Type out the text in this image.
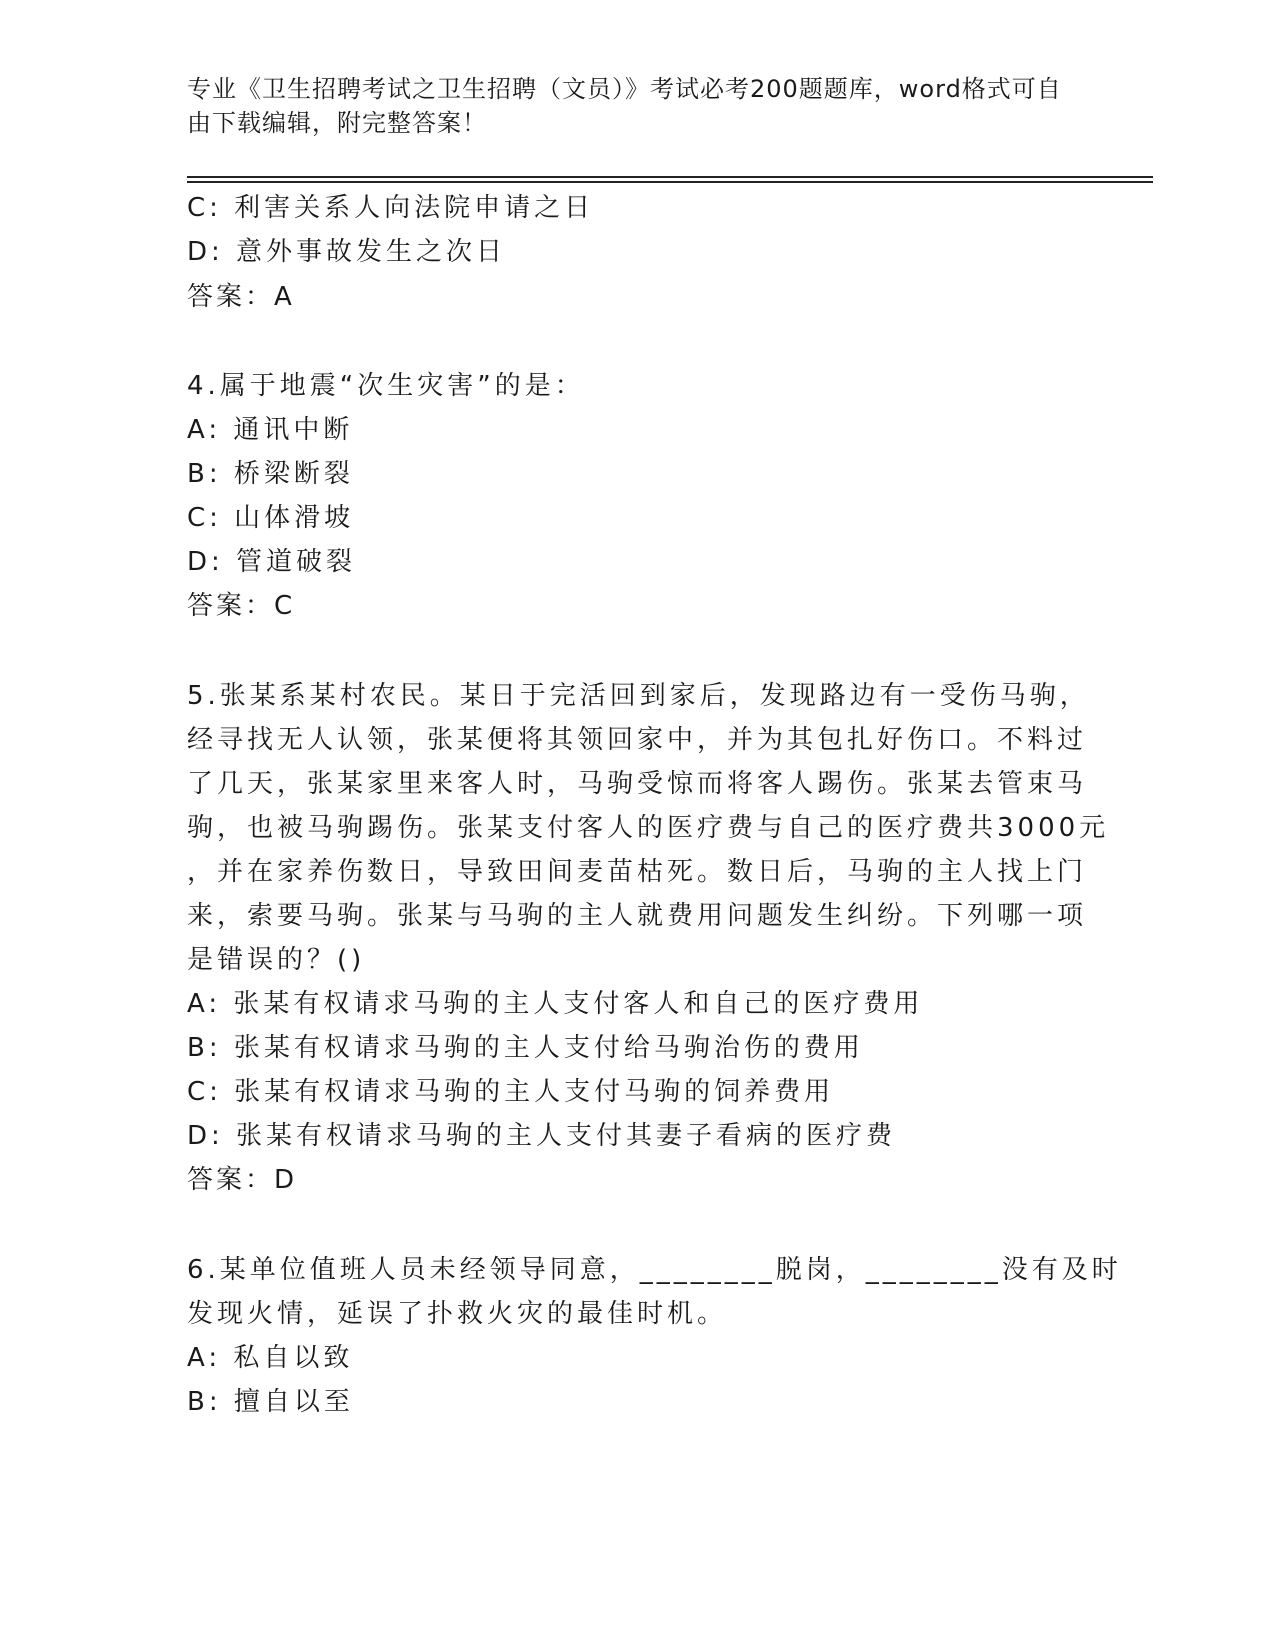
专业《卫生招聘考试之卫生招聘（文员）》考试必考200题题库，word格式可自
由下载编辑，附完整答案！
C: 利害关系人向法院申请之日
D: 意外事故发生之次日
答案：A
4.属于地震“次生灾害”的是：
A: 通讯中断
B: 桥梁断裂
C: 山体滑坡
D: 管道破裂
答案：C
5.张某系某村农民。某日于完活回到家后，发现路边有一受伤马驹，
经寻找无人认领，张某便将其领回家中，并为其包扎好伤口。不料过
了几天，张某家里来客人时，马驹受惊而将客人踢伤。张某去管束马
驹，也被马驹踢伤。张某支付客人的医疗费与自己的医疗费共3000元
，并在家养伤数日，导致田间麦苗枯死。数日后，马驹的主人找上门
来，索要马驹。张某与马驹的主人就费用问题发生纠纷。下列哪一项
是错误的？()
A: 张某有权请求马驹的主人支付客人和自己的医疗费用
B: 张某有权请求马驹的主人支付给马驹治伤的费用
C: 张某有权请求马驹的主人支付马驹的饲养费用
D: 张某有权请求马驹的主人支付其妻子看病的医疗费
答案：D
6.某单位值班人员未经领导同意，________脱岗，________没有及时
发现火情，延误了扑救火灾的最佳时机。
A: 私自以致
B: 擅自以至
